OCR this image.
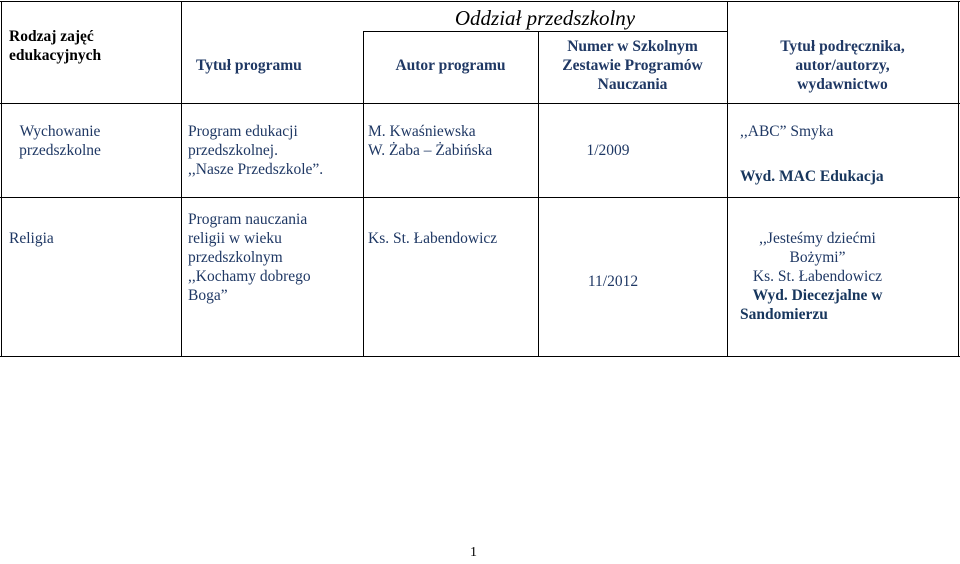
Rodzaj zajęć
edukacyjnych
Oddział przedszkolny
Tytuł programu	Autor programu
Numer w Szkolnym
Zestawie Programów
Nauczania
Tytuł podręcznika,
autor/autorzy,
wydawnictwo
Wychowanie
przedszkolne
Program edukacji
przedszkolnej.
,,Nasze Przedszkole”.
M. Kwaśniewska
W. Żaba – Żabińska	1/2009
,,ABC” Smyka
Wyd. MAC Edukacja
Religia
Program nauczania
religii w wieku
przedszkolnym
,,Kochamy dobrego
Boga”
Ks. St. Łabendowicz
11/2012
,,Jesteśmy dziećmi
Bożymi”
Ks. St. Łabendowicz
Wyd. Diecezjalne w
Sandomierzu
1
